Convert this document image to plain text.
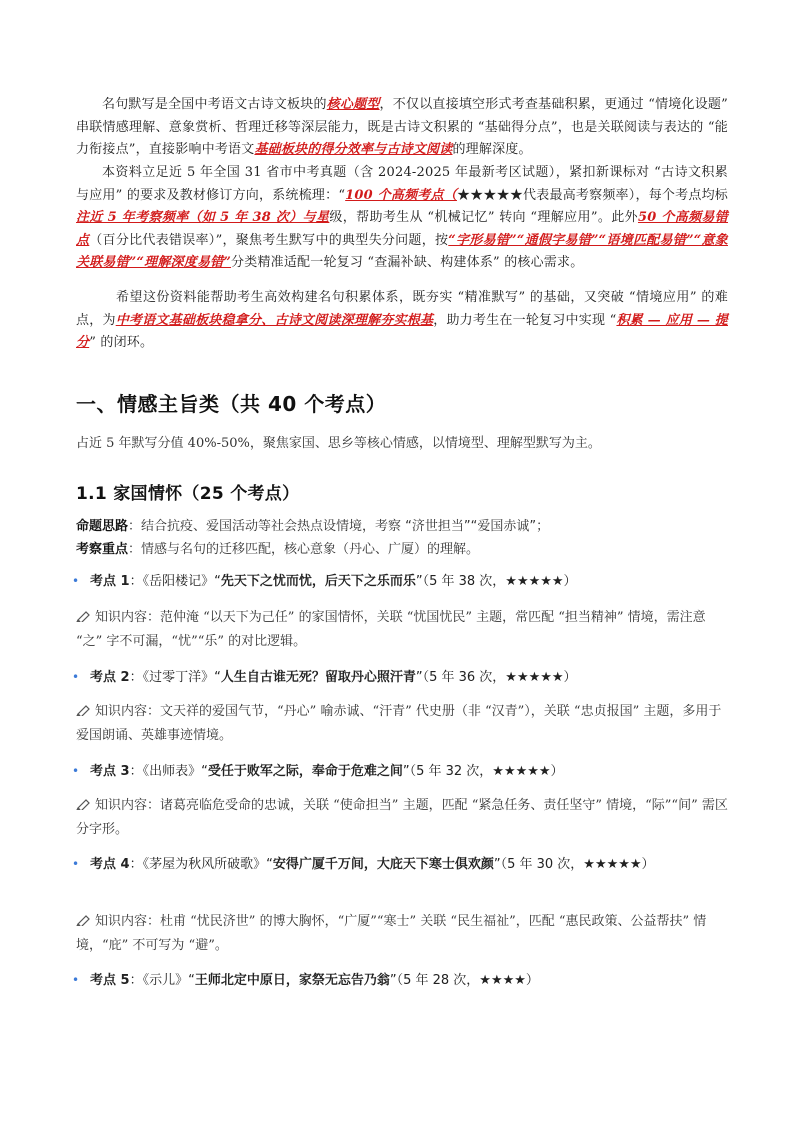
名句默写是全国中考语文古诗文板块的核心题型，不仅以直接填空形式考查基础积累，更通过 “情境化设题” 串联情感理解、意象赏析、哲理迁移等深层能力，既是古诗文积累的 “基础得分点”，也是关联阅读与表达的 “能力衔接点”，直接影响中考语文基础板块的得分效率与古诗文阅读的理解深度。

本资料立足近 5 年全国 31 省市中考真题（含 2024-2025 年最新考区试题），紧扣新课标对 “古诗文积累与应用” 的要求及教材修订方向，系统梳理：“100 个高频考点（★★★★★代表最高考察频率），每个考点均标注近 5 年考察频率（如 5 年 38 次）与星级，帮助考生从 “机械记忆” 转向 “理解应用”。此外50 个高频易错点（百分比代表错误率）”，聚焦考生默写中的典型失分问题，按“字形易错”“通假字易错”“语境匹配易错”“意象关联易错”“理解深度易错”分类精准适配一轮复习 “查漏补缺、构建体系” 的核心需求。

希望这份资料能帮助考生高效构建名句积累体系，既夯实 “精准默写” 的基础，又突破 “情境应用” 的难点，为中考语文基础板块稳拿分、古诗文阅读深理解夯实根基，助力考生在一轮复习中实现 “积累 — 应用 — 提分” 的闭环。

一、情感主旨类（共 40 个考点）

占近 5 年默写分值 40%-50%，聚焦家国、思乡等核心情感，以情境型、理解型默写为主。

1.1 家国情怀（25 个考点）

命题思路：结合抗疫、爱国活动等社会热点设情境，考察 “济世担当”“爱国赤诚”；

考察重点：情感与名句的迁移匹配，核心意象（丹心、广厦）的理解。

• 考点 1：《岳阳楼记》“先天下之忧而忧，后天下之乐而乐”（5 年 38 次，★★★★★）

知识内容：范仲淹 “以天下为己任” 的家国情怀，关联 “忧国忧民” 主题，常匹配 “担当精神” 情境，需注意 “之” 字不可漏，“忧”“乐” 的对比逻辑。

• 考点 2：《过零丁洋》“人生自古谁无死？留取丹心照汗青”（5 年 36 次，★★★★★）

知识内容：文天祥的爱国气节，“丹心” 喻赤诚、“汗青” 代史册（非 “汉青”），关联 “忠贞报国” 主题，多用于爱国朗诵、英雄事迹情境。

• 考点 3：《出师表》“受任于败军之际，奉命于危难之间”（5 年 32 次，★★★★★）

知识内容：诸葛亮临危受命的忠诚，关联 “使命担当” 主题，匹配 “紧急任务、责任坚守” 情境，“际”“间” 需区分字形。

• 考点 4：《茅屋为秋风所破歌》“安得广厦千万间，大庇天下寒士俱欢颜”（5 年 30 次，★★★★★）

知识内容：杜甫 “忧民济世” 的博大胸怀，“广厦”“寒士” 关联 “民生福祉”，匹配 “惠民政策、公益帮扶” 情境，“庇” 不可写为 “避”。

• 考点 5：《示儿》“王师北定中原日，家祭无忘告乃翁”（5 年 28 次，★★★★）
